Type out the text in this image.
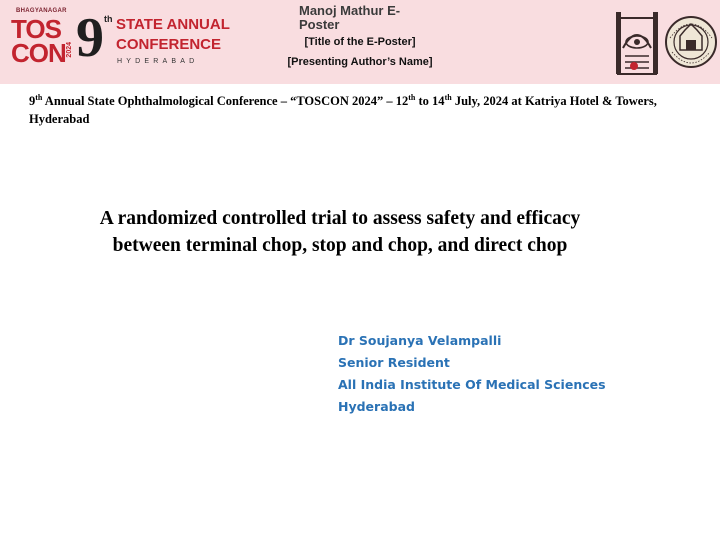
BHAGYANAGAR
TOS
CON 2024 9 th STATE ANNUAL
CONFERENCE
HYDERABAD
Manoj Mathur E-Poster
[Title of the E-Poster]
[Presenting Author’s Name]
9th Annual State Ophthalmological Conference – “TOSCON 2024” – 12th to 14th July, 2024 at Katriya Hotel & Towers, Hyderabad
A randomized controlled trial to assess safety and efficacy
between terminal chop, stop and chop, and direct chop
Dr Soujanya Velampalli
Senior Resident
All India Institute Of Medical Sciences
Hyderabad
